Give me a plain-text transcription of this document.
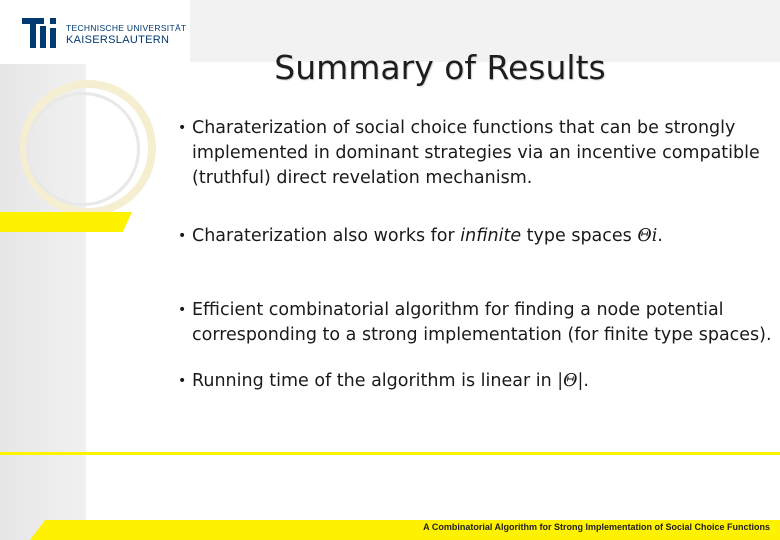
TECHNISCHE UNIVERSITÄT
KAISERSLAUTERN
Summary of Results
• Charaterization of social choice functions that can be strongly implemented in dominant strategies via an incentive compatible (truthful) direct revelation mechanism.
• Charaterization also works for infinite type spaces Θi.
• Efficient combinatorial algorithm for finding a node potential corresponding to a strong implementation (for finite type spaces).
• Running time of the algorithm is linear in |Θ|.
A Combinatorial Algorithm for Strong Implementation of Social Choice Functions
